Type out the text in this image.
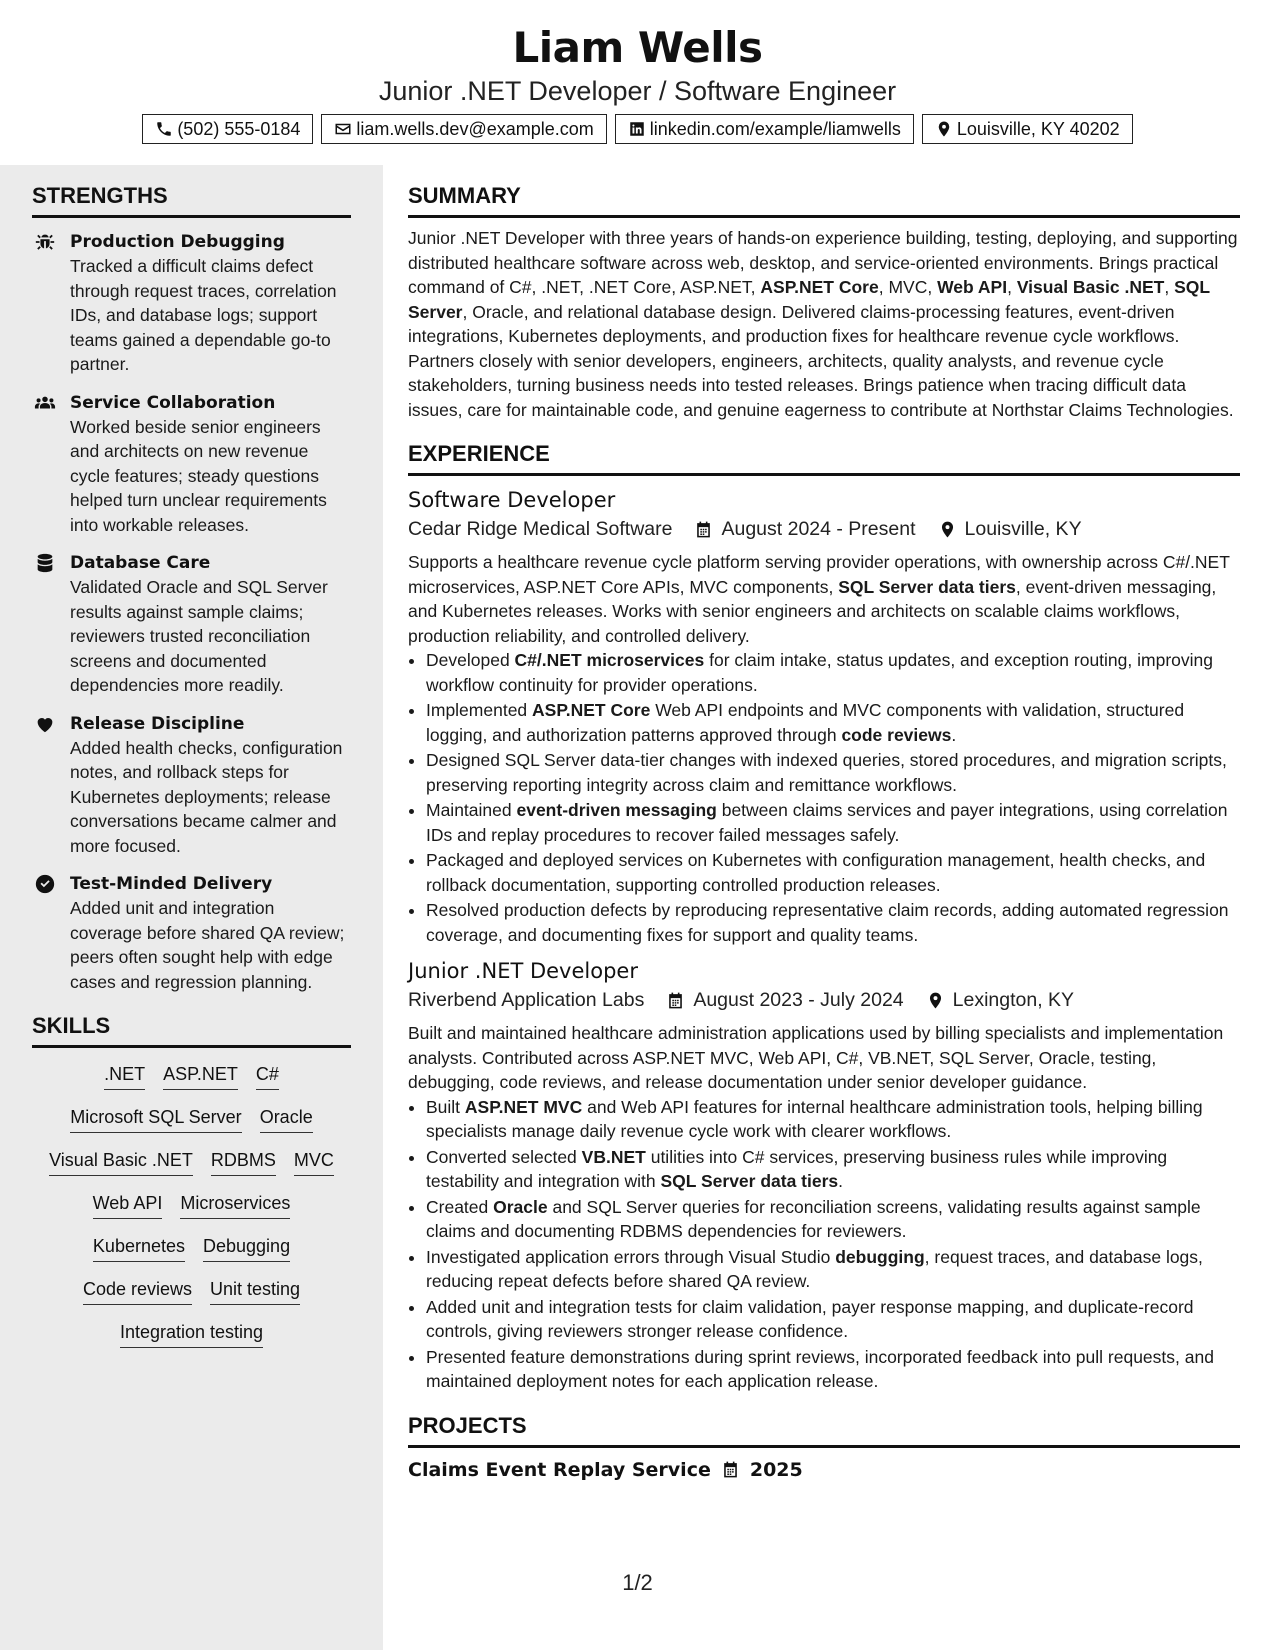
Liam Wells
Junior .NET Developer / Software Engineer
(502) 555-0184	liam.wells.dev@example.com	linkedin.com/example/liamwells	Louisville, KY 40202
STRENGTHS
Production Debugging
Tracked a difficult claims defect through request traces, correlation IDs, and database logs; support teams gained a dependable go-to partner.
Service Collaboration
Worked beside senior engineers and architects on new revenue cycle features; steady questions helped turn unclear requirements into workable releases.
Database Care
Validated Oracle and SQL Server results against sample claims; reviewers trusted reconciliation screens and documented dependencies more readily.
Release Discipline
Added health checks, configuration notes, and rollback steps for Kubernetes deployments; release conversations became calmer and more focused.
Test-Minded Delivery
Added unit and integration coverage before shared QA review; peers often sought help with edge cases and regression planning.
SKILLS
.NET ASP.NET C#
Microsoft SQL Server Oracle
Visual Basic .NET RDBMS MVC
Web API Microservices
Kubernetes Debugging
Code reviews Unit testing
Integration testing
SUMMARY
Junior .NET Developer with three years of hands-on experience building, testing, deploying, and supporting distributed healthcare software across web, desktop, and service-oriented environments. Brings practical command of C#, .NET, .NET Core, ASP.NET, ASP.NET Core, MVC, Web API, Visual Basic .NET, SQL Server, Oracle, and relational database design. Delivered claims-processing features, event-driven integrations, Kubernetes deployments, and production fixes for healthcare revenue cycle workflows. Partners closely with senior developers, engineers, architects, quality analysts, and revenue cycle stakeholders, turning business needs into tested releases. Brings patience when tracing difficult data issues, care for maintainable code, and genuine eagerness to contribute at Northstar Claims Technologies.
EXPERIENCE
Software Developer
Cedar Ridge Medical Software	August 2024 - Present	Louisville, KY
Supports a healthcare revenue cycle platform serving provider operations, with ownership across C#/.NET microservices, ASP.NET Core APIs, MVC components, SQL Server data tiers, event-driven messaging, and Kubernetes releases. Works with senior engineers and architects on scalable claims workflows, production reliability, and controlled delivery.
• Developed C#/.NET microservices for claim intake, status updates, and exception routing, improving workflow continuity for provider operations.
• Implemented ASP.NET Core Web API endpoints and MVC components with validation, structured logging, and authorization patterns approved through code reviews.
• Designed SQL Server data-tier changes with indexed queries, stored procedures, and migration scripts, preserving reporting integrity across claim and remittance workflows.
• Maintained event-driven messaging between claims services and payer integrations, using correlation IDs and replay procedures to recover failed messages safely.
• Packaged and deployed services on Kubernetes with configuration management, health checks, and rollback documentation, supporting controlled production releases.
• Resolved production defects by reproducing representative claim records, adding automated regression coverage, and documenting fixes for support and quality teams.
Junior .NET Developer
Riverbend Application Labs	August 2023 - July 2024	Lexington, KY
Built and maintained healthcare administration applications used by billing specialists and implementation analysts. Contributed across ASP.NET MVC, Web API, C#, VB.NET, SQL Server, Oracle, testing, debugging, code reviews, and release documentation under senior developer guidance.
• Built ASP.NET MVC and Web API features for internal healthcare administration tools, helping billing specialists manage daily revenue cycle work with clearer workflows.
• Converted selected VB.NET utilities into C# services, preserving business rules while improving testability and integration with SQL Server data tiers.
• Created Oracle and SQL Server queries for reconciliation screens, validating results against sample claims and documenting RDBMS dependencies for reviewers.
• Investigated application errors through Visual Studio debugging, request traces, and database logs, reducing repeat defects before shared QA review.
• Added unit and integration tests for claim validation, payer response mapping, and duplicate-record controls, giving reviewers stronger release confidence.
• Presented feature demonstrations during sprint reviews, incorporated feedback into pull requests, and maintained deployment notes for each application release.
PROJECTS
Claims Event Replay Service 2025
1/2
